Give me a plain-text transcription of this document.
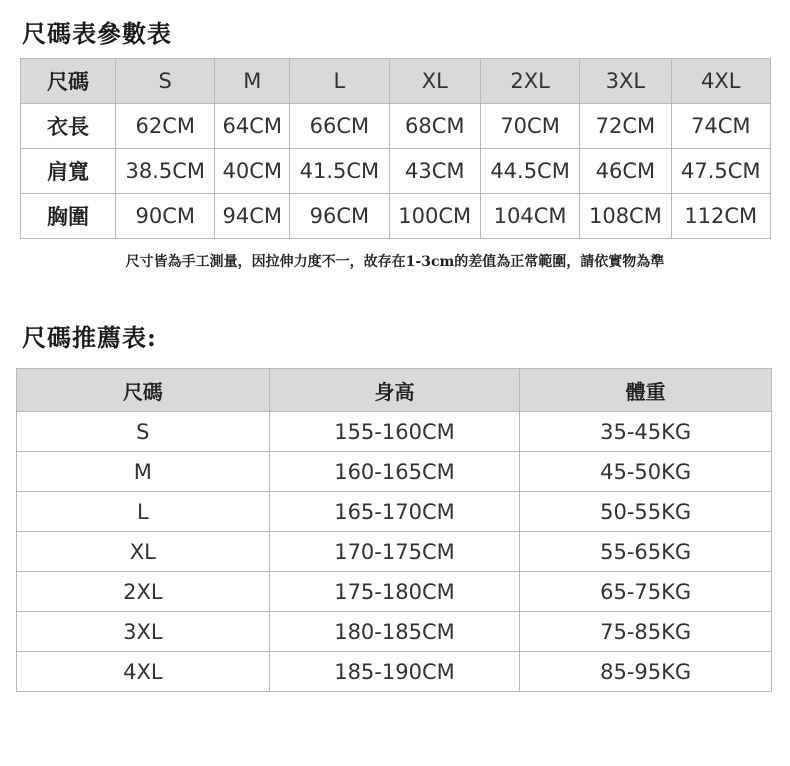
尺碼表參數表
尺碼	S	M	L	XL	2XL	3XL	4XL
衣長	62CM	64CM	66CM	68CM	70CM	72CM	74CM
肩寬	38.5CM	40CM	41.5CM	43CM	44.5CM	46CM	47.5CM
胸圍	90CM	94CM	96CM	100CM	104CM	108CM	112CM
尺寸皆為手工測量，因拉伸力度不一，故存在1-3cm的差值為正常範圍，請依實物為準
尺碼推薦表:
尺碼	身高	體重
S	155-160CM	35-45KG
M	160-165CM	45-50KG
L	165-170CM	50-55KG
XL	170-175CM	55-65KG
2XL	175-180CM	65-75KG
3XL	180-185CM	75-85KG
4XL	185-190CM	85-95KG
